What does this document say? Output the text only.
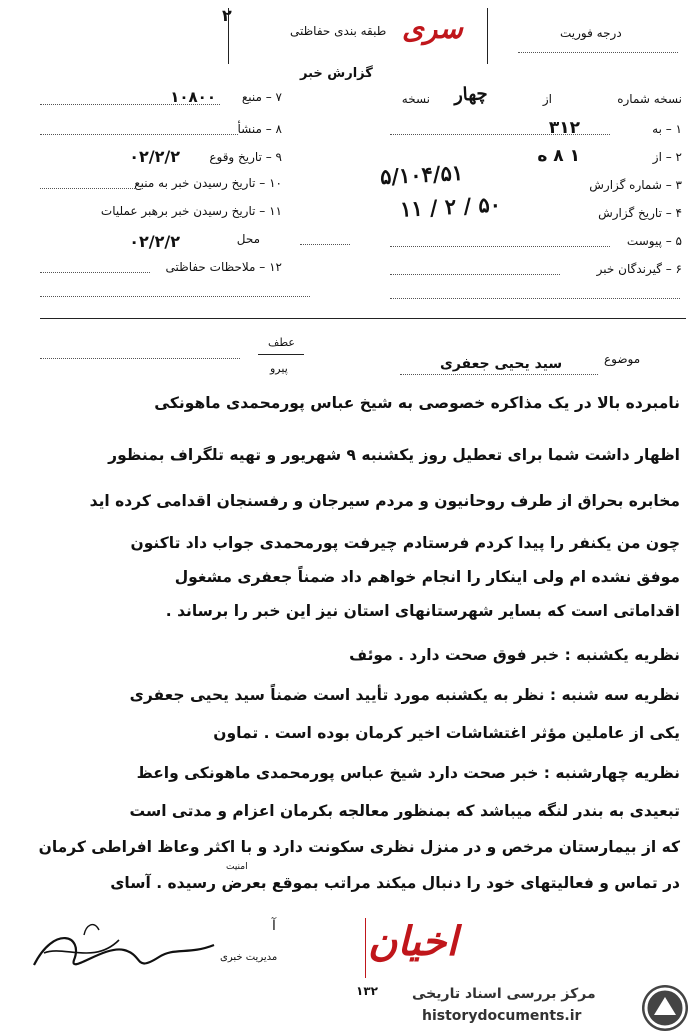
۲
طبقه بندی حفاظتی سری
گزارش خبر
درجه فوریت
۷ – منبع
۱۰۸۰۰
۸ – منشأ
۹ – تاریخ وقوع
۰۲/۲/۲
۱۰ – تاریخ رسیدن خبر به منبع
۱۱ – تاریخ رسیدن خبر برهبر عملیات
محل
۰۲/۲/۲
۱۲ – ملاحظات حفاظتی
نسخه شماره
از
چهار
نسخه
۱ – به
۳۱۲
۲ – از
۱ ۸ ه
۳ – شماره گزارش
۵/۱۰۴/۵۱
۴ – تاریخ گزارش
۱۱ / ۲ / ۵۰
۵ – پیوست
۶ – گیرندگان خبر
عطف
پیرو
موضوع
سید یحیی جعفری
نامبرده بالا در یک مذاکره خصوصی به شیخ عباس پورمحمدی ماهونکی
اظهار داشت شما برای تعطیل روز یکشنبه ۹ شهریور و تهیه تلگراف بمنظور
مخابره بحراق از طرف روحانیون و مردم سیرجان و رفسنجان اقدامی کرده اید
چون من یکنفر را پیدا کردم فرستادم چیرفت پورمحمدی جواب داد تاکنون
موفق نشده ام ولی اینکار را انجام خواهم داد ضمناً جعفری مشغول
اقداماتی است که بسایر شهرستانهای استان نیز این خبر را برساند .
نظریه یکشنبه : خبر فوق صحت دارد . موئف
نظریه سه شنبه : نظر به یکشنبه مورد تأیید است ضمناً سید یحیی جعفری
یکی از عاملین مؤثر اغتشاشات اخیر کرمان بوده است . تماون
نظریه چهارشنبه : خبر صحت دارد شیخ عباس پورمحمدی ماهونکی واعظ
تبعیدی به بندر لنگه میباشد که بمنظور معالجه بکرمان اعزام و مدتی است
که از بیمارستان مرخص و در منزل نظری سکونت دارد و با اکثر وعاظ افراطی کرمان
امنیت
در تماس و فعالیتهای خود را دنبال میکند مراتب بموقع بعرض رسیده . آسای
مدیریت خبری
آ اخیان
۱۳۲ مرکز بررسی اسناد تاریخی
historydocuments.ir
